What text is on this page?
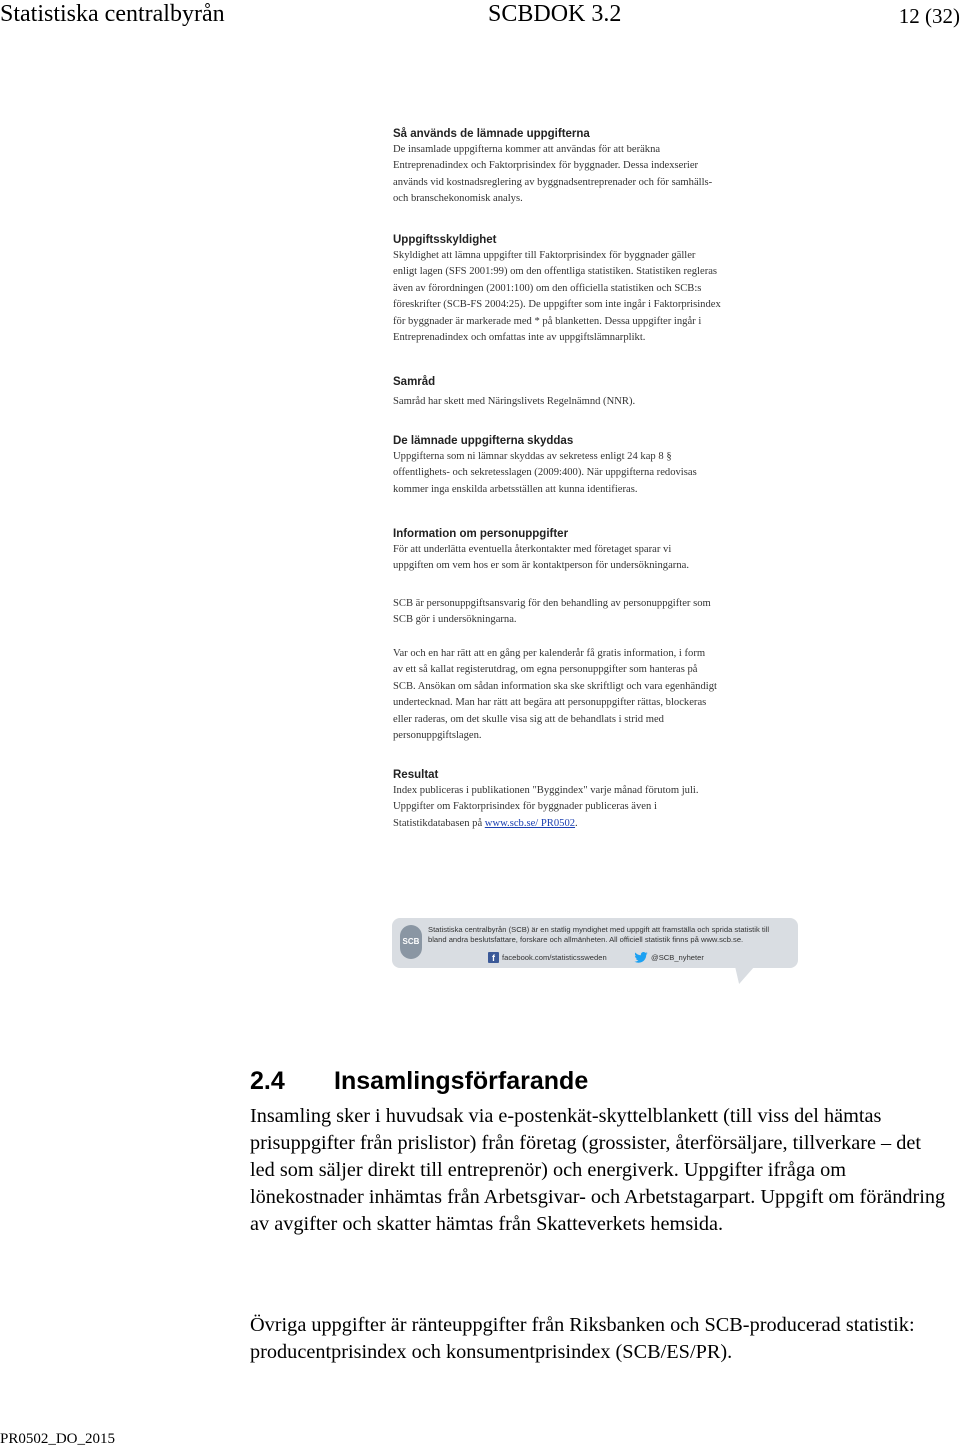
Statistiska centralbyrån	SCBDOK 3.2	12 (32)
Så används de lämnade uppgifterna
De insamlade uppgifterna kommer att användas för att beräkna
Entreprenadindex och Faktorprisindex för byggnader. Dessa indexserier
används vid kostnadsreglering av byggnadsentreprenader och för samhälls-
och branschekonomisk analys.
Uppgiftsskyldighet
Skyldighet att lämna uppgifter till Faktorprisindex för byggnader gäller
enligt lagen (SFS 2001:99) om den offentliga statistiken. Statistiken regleras
även av förordningen (2001:100) om den officiella statistiken och SCB:s
föreskrifter (SCB-FS 2004:25). De uppgifter som inte ingår i Faktorprisindex
för byggnader är markerade med * på blanketten. Dessa uppgifter ingår i
Entreprenadindex och omfattas inte av uppgiftslämnarplikt.
Samråd
Samråd har skett med Näringslivets Regelnämnd (NNR).
De lämnade uppgifterna skyddas
Uppgifterna som ni lämnar skyddas av sekretess enligt 24 kap 8 §
offentlighets- och sekretesslagen (2009:400). När uppgifterna redovisas
kommer inga enskilda arbetsställen att kunna identifieras.
Information om personuppgifter
För att underlätta eventuella återkontakter med företaget sparar vi
uppgiften om vem hos er som är kontaktperson för undersökningarna.
SCB är personuppgiftsansvarig för den behandling av personuppgifter som
SCB gör i undersökningarna.
Var och en har rätt att en gång per kalenderår få gratis information, i form
av ett så kallat registerutdrag, om egna personuppgifter som hanteras på
SCB. Ansökan om sådan information ska ske skriftligt och vara egenhändigt
undertecknad. Man har rätt att begära att personuppgifter rättas, blockeras
eller raderas, om det skulle visa sig att de behandlats i strid med
personuppgiftslagen.
Resultat
Index publiceras i publikationen "Byggindex" varje månad förutom juli.
Uppgifter om Faktorprisindex för byggnader publiceras även i
Statistikdatabasen på www.scb.se/ PR0502.
SCB
Statistiska centralbyrån (SCB) är en statlig myndighet med uppgift att framställa och sprida statistik till
bland andra beslutsfattare, forskare och allmänheten. All officiell statistik finns på www.scb.se.
f facebook.com/statisticssweden	@SCB_nyheter
2.4 Insamlingsförfarande
Insamling sker i huvudsak via e-postenkät-skyttelblankett (till viss del hämtas prisuppgifter från prislistor) från företag (grossister, återförsäljare, tillverkare – det led som säljer direkt till entreprenör) och energiverk. Uppgifter ifråga om lönekostnader inhämtas från Arbetsgivar- och Arbetstagarpart. Uppgift om förändring av avgifter och skatter hämtas från Skatteverkets hemsida.
Övriga uppgifter är ränteuppgifter från Riksbanken och SCB-producerad statistik: producentprisindex och konsumentprisindex (SCB/ES/PR).
PR0502_DO_2015
